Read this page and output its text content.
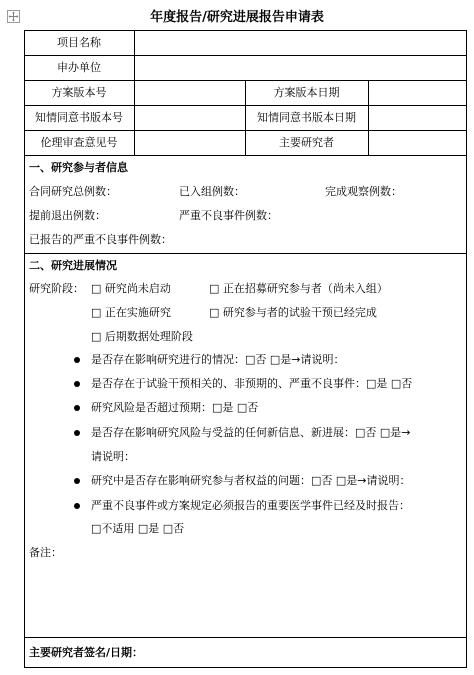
年度报告/研究进展报告申请表
项目名称
申办单位
方案版本号	方案版本日期
知情同意书版本号	知情同意书版本日期
伦理审查意见号	主要研究者
一、研究参与者信息
合同研究总例数：	已入组例数：	完成观察例数：
提前退出例数：	严重不良事件例数：
已报告的严重不良事件例数：
二、研究进展情况
研究阶段： □ 研究尚未启动	□ 正在招募研究参与者（尚未入组）
□ 正在实施研究	□ 研究参与者的试验干预已经完成
□ 后期数据处理阶段
是否存在影响研究进行的情况：□否 □是→请说明：
是否存在于试验干预相关的、非预期的、严重不良事件：□是 □否
研究风险是否超过预期：□是 □否
是否存在影响研究风险与受益的任何新信息、新进展：□否 □是→
请说明：
研究中是否存在影响研究参与者权益的问题：□否 □是→请说明：
严重不良事件或方案规定必须报告的重要医学事件已经及时报告：
□不适用 □是 □否
备注：
主要研究者签名/日期：
